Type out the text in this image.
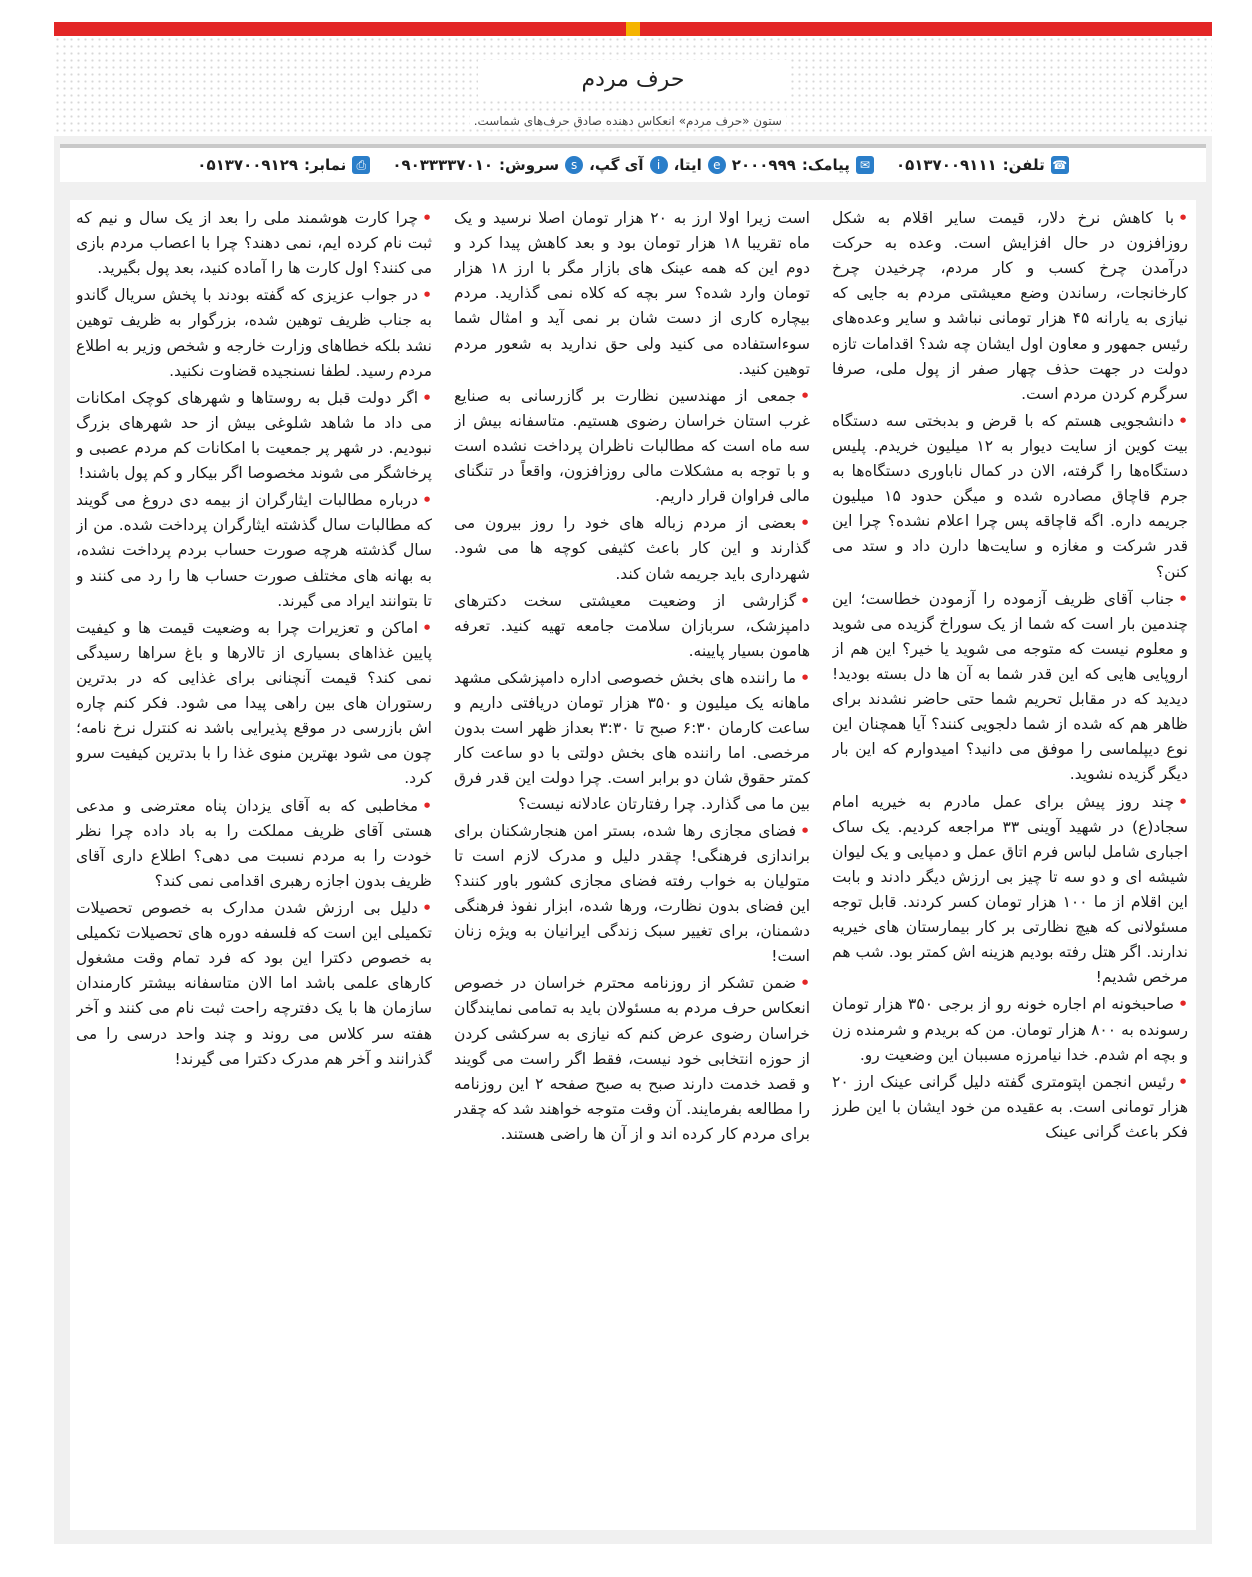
حرف مردم
ستون «حرف مردم» انعکاس دهنده صادق حرف‌های شماست.
☎
تلفن:
۰۵۱۳۷۰۰۹۱۱۱
✉
پیامک:
۲۰۰۰۹۹۹
e
ایتا،
i
آی گپ،
s
سروش:
۰۹۰۳۳۳۳۷۰۱۰
⎙
نمابر:
۰۵۱۳۷۰۰۹۱۲۹

•با کاهش نرخ دلار، قیمت سایر اقلام به شکل روزافزون در حال افزایش است. وعده به حرکت درآمدن چرخ کسب و کار مردم، چرخیدن چرخ کارخانجات، رساندن وضع معیشتی مردم به جایی که نیازی به یارانه ۴۵ هزار تومانی نباشد و سایر وعده‌های رئیس جمهور و معاون اول ایشان چه شد؟ اقدامات تازه دولت در جهت حذف چهار صفر از پول ملی، صرفا سرگرم کردن مردم است.

•دانشجویی هستم که با قرض و بدبختی سه دستگاه بیت کوین از سایت دیوار به ۱۲ میلیون خریدم. پلیس دستگاه‌ها را گرفته، الان در کمال ناباوری دستگاه‌ها به جرم قاچاق مصادره شده و میگن حدود ۱۵ میلیون جریمه داره. اگه قاچاقه پس چرا اعلام نشده؟ چرا این قدر شرکت و مغازه و سایت‌ها دارن داد و ستد می کنن؟

•جناب آقای ظریف آزموده را آزمودن خطاست؛ این چندمین بار است که شما از یک سوراخ گزیده می شوید و معلوم نیست که متوجه می شوید یا خیر؟ این هم از اروپایی هایی که این قدر شما به آن ها دل بسته بودید! دیدید که در مقابل تحریم شما حتی حاضر نشدند برای ظاهر هم که شده از شما دلجویی کنند؟ آیا همچنان این نوع دیپلماسی را موفق می دانید؟ امیدوارم که این بار دیگر گزیده نشوید.

•چند روز پیش برای عمل مادرم به خیریه امام سجاد(ع) در شهید آوینی ۳۳ مراجعه کردیم. یک ساک اجباری شامل لباس فرم اتاق عمل و دمپایی و یک لیوان شیشه ای و دو سه تا چیز بی ارزش دیگر دادند و بابت این اقلام از ما ۱۰۰ هزار تومان کسر کردند. قابل توجه مسئولانی که هیچ نظارتی بر کار بیمارستان های خیریه ندارند. اگر هتل رفته بودیم هزینه اش کمتر بود. شب هم مرخص شدیم!

•صاحبخونه ام اجاره خونه رو از برجی ۳۵۰ هزار تومان رسونده به ۸۰۰ هزار تومان. من که بریدم و شرمنده زن و بچه ام شدم. خدا نیامرزه مسببان این وضعیت رو.

•رئیس انجمن اپتومتری گفته دلیل گرانی عینک ارز ۲۰ هزار تومانی است. به عقیده من خود ایشان با این طرز فکر باعث گرانی عینک

است زیرا اولا ارز به ۲۰ هزار تومان اصلا نرسید و یک ماه تقریبا ۱۸ هزار تومان بود و بعد کاهش پیدا کرد و دوم این که همه عینک های بازار مگر با ارز ۱۸ هزار تومان وارد شده؟ سر بچه که کلاه نمی گذارید. مردم بیچاره کاری از دست شان بر نمی آید و امثال شما سوءاستفاده می کنید ولی حق ندارید به شعور مردم توهین کنید.

•جمعی از مهندسین نظارت بر گازرسانی به صنایع غرب استان خراسان رضوی هستیم. متاسفانه بیش از سه ماه است که مطالبات ناظران پرداخت نشده است و با توجه به مشکلات مالی روزافزون، واقعاً در تنگنای مالی فراوان قرار داریم.

•بعضی از مردم زباله های خود را روز بیرون می گذارند و این کار باعث کثیفی کوچه ها می شود. شهرداری باید جریمه شان کند.

•گزارشی از وضعیت معیشتی سخت دکترهای دامپزشک، سربازان سلامت جامعه تهیه کنید. تعرفه هامون بسیار پایینه.

•ما راننده های بخش خصوصی اداره دامپزشکی مشهد ماهانه یک میلیون و ۳۵۰ هزار تومان دریافتی داریم و ساعت کارمان ۶:۳۰ صبح تا ۳:۳۰ بعداز ظهر است بدون مرخصی. اما راننده های بخش دولتی با دو ساعت کار کمتر حقوق شان دو برابر است. چرا دولت این قدر فرق بین ما می گذارد. چرا رفتارتان عادلانه نیست؟

•فضای مجازی رها شده، بستر امن هنجارشکنان برای براندازی فرهنگی! چقدر دلیل و مدرک لازم است تا متولیان به خواب رفته فضای مجازی کشور باور کنند؟ این فضای بدون نظارت، ورها شده، ابزار نفوذ فرهنگی دشمنان، برای تغییر سبک زندگی ایرانیان به ویژه زنان است!

•ضمن تشکر از روزنامه محترم خراسان در خصوص انعکاس حرف مردم به مسئولان باید به تمامی نمایندگان خراسان رضوی عرض کنم که نیازی به سرکشی کردن از حوزه انتخابی خود نیست، فقط اگر راست می گویند و قصد خدمت دارند صبح به صبح صفحه ۲ این روزنامه را مطالعه بفرمایند. آن وقت متوجه خواهند شد که چقدر برای مردم کار کرده اند و از آن ها راضی هستند.

•چرا کارت هوشمند ملی را بعد از یک سال و نیم که ثبت نام کرده ایم، نمی دهند؟ چرا با اعصاب مردم بازی می کنند؟ اول کارت ها را آماده کنید، بعد پول بگیرید.

•در جواب عزیزی که گفته بودند با پخش سریال گاندو به جناب ظریف توهین شده، بزرگوار به ظریف توهین نشد بلکه خطاهای وزارت خارجه و شخص وزیر به اطلاع مردم رسید. لطفا نسنجیده قضاوت نکنید.

•اگر دولت قبل به روستاها و شهرهای کوچک امکانات می داد ما شاهد شلوغی بیش از حد شهرهای بزرگ نبودیم. در شهر پر جمعیت با امکانات کم مردم عصبی و پرخاشگر می شوند مخصوصا اگر بیکار و کم پول باشند!

•درباره مطالبات ایثارگران از بیمه دی دروغ می گویند که مطالبات سال گذشته ایثارگران پرداخت شده. من از سال گذشته هرچه صورت حساب بردم پرداخت نشده، به بهانه های مختلف صورت حساب ها را رد می کنند و تا بتوانند ایراد می گیرند.

•اماکن و تعزیرات چرا به وضعیت قیمت ها و کیفیت پایین غذاهای بسیاری از تالارها و باغ سراها رسیدگی نمی کند؟ قیمت آنچنانی برای غذایی که در بدترین رستوران های بین راهی پیدا می شود. فکر کنم چاره اش بازرسی در موقع پذیرایی باشد نه کنترل نرخ نامه؛ چون می شود بهترین منوی غذا را با بدترین کیفیت سرو کرد.

•مخاطبی که به آقای یزدان پناه معترضی و مدعی هستی آقای ظریف مملکت را به باد داده چرا نظر خودت را به مردم نسبت می دهی؟ اطلاع داری آقای ظریف بدون اجازه رهبری اقدامی نمی کند؟

•دلیل بی ارزش شدن مدارک به خصوص تحصیلات تکمیلی این است که فلسفه دوره های تحصیلات تکمیلی به خصوص دکترا این بود که فرد تمام وقت مشغول کارهای علمی باشد اما الان متاسفانه بیشتر کارمندان سازمان ها با یک دفترچه راحت ثبت نام می کنند و آخر هفته سر کلاس می روند و چند واحد درسی را می گذرانند و آخر هم مدرک دکترا می گیرند!
